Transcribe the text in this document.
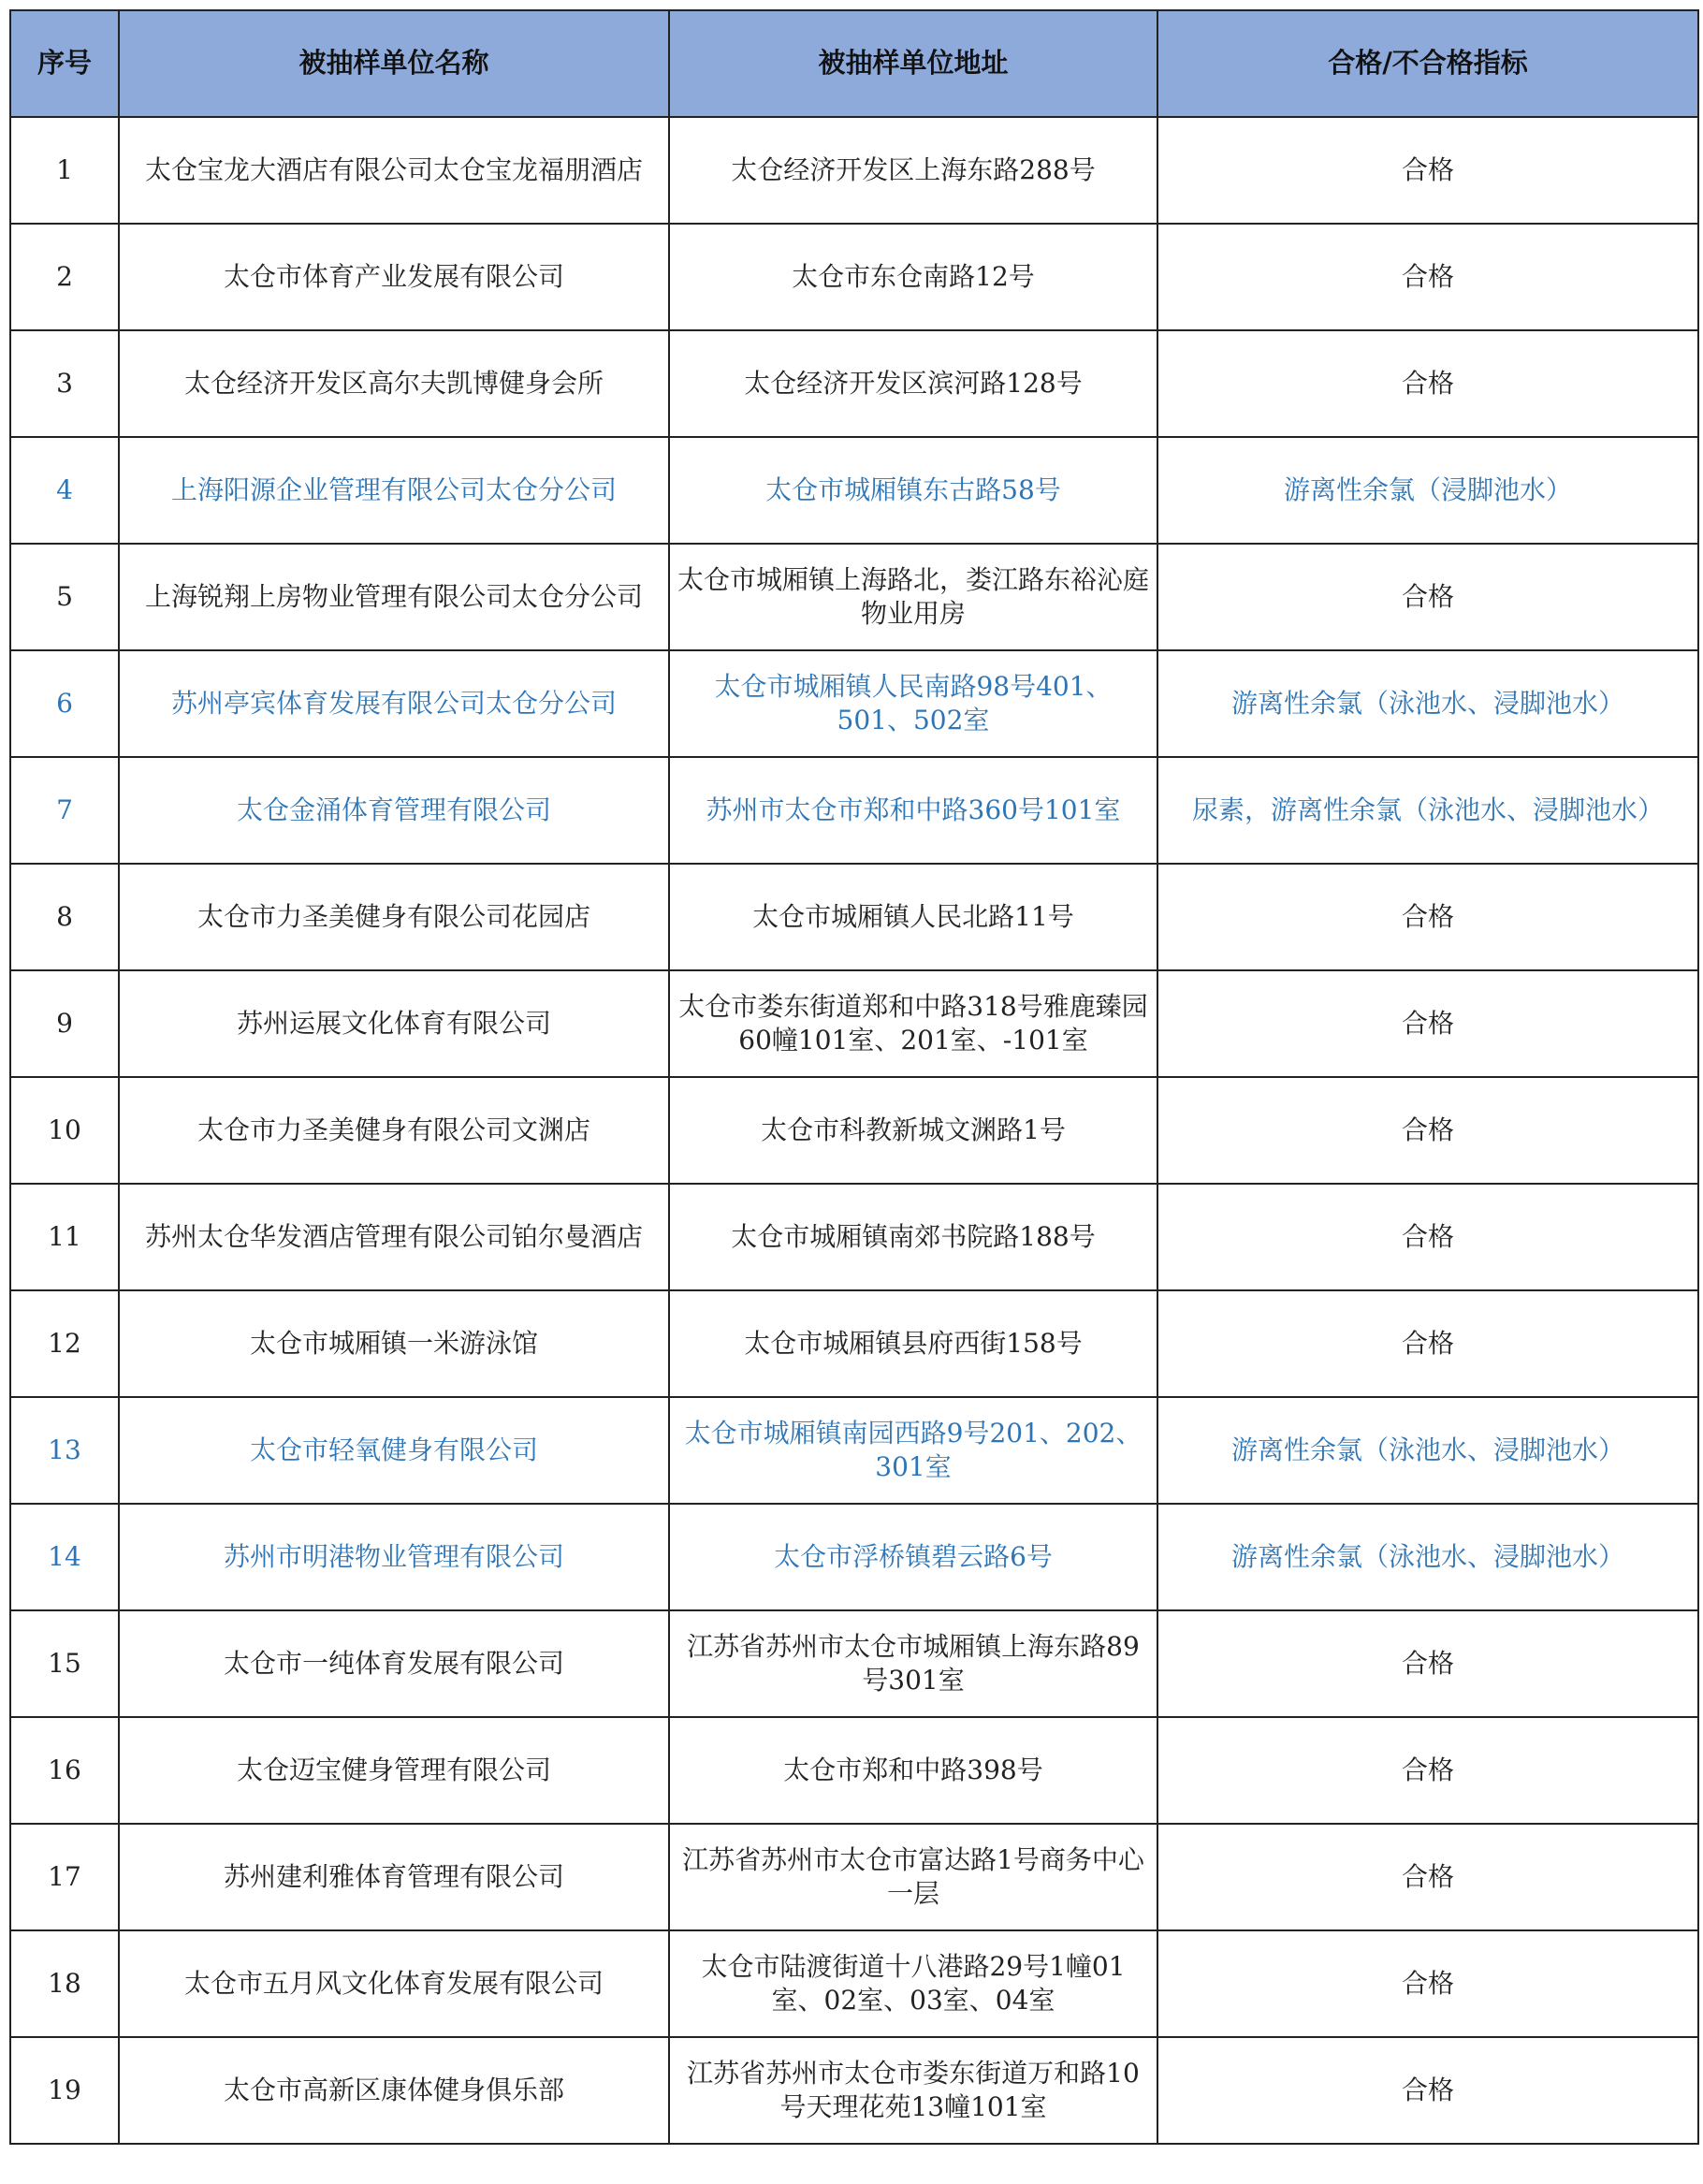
序号	被抽样单位名称	被抽样单位地址	合格/不合格指标
1	太仓宝龙大酒店有限公司太仓宝龙福朋酒店	太仓经济开发区上海东路288号	合格
2	太仓市体育产业发展有限公司	太仓市东仓南路12号	合格
3	太仓经济开发区高尔夫凯博健身会所	太仓经济开发区滨河路128号	合格
4	上海阳源企业管理有限公司太仓分公司	太仓市城厢镇东古路58号	游离性余氯（浸脚池水）
5	上海锐翔上房物业管理有限公司太仓分公司	太仓市城厢镇上海路北，娄江路东裕沁庭物业用房	合格
6	苏州亭宾体育发展有限公司太仓分公司	太仓市城厢镇人民南路98号401、501、502室	游离性余氯（泳池水、浸脚池水）
7	太仓金涌体育管理有限公司	苏州市太仓市郑和中路360号101室	尿素，游离性余氯（泳池水、浸脚池水）
8	太仓市力圣美健身有限公司花园店	太仓市城厢镇人民北路11号	合格
9	苏州运展文化体育有限公司	太仓市娄东街道郑和中路318号雅鹿臻园60幢101室、201室、-101室	合格
10	太仓市力圣美健身有限公司文渊店	太仓市科教新城文渊路1号	合格
11	苏州太仓华发酒店管理有限公司铂尔曼酒店	太仓市城厢镇南郊书院路188号	合格
12	太仓市城厢镇一米游泳馆	太仓市城厢镇县府西街158号	合格
13	太仓市轻氧健身有限公司	太仓市城厢镇南园西路9号201、202、301室	游离性余氯（泳池水、浸脚池水）
14	苏州市明港物业管理有限公司	太仓市浮桥镇碧云路6号	游离性余氯（泳池水、浸脚池水）
15	太仓市一纯体育发展有限公司	江苏省苏州市太仓市城厢镇上海东路89号301室	合格
16	太仓迈宝健身管理有限公司	太仓市郑和中路398号	合格
17	苏州建利雅体育管理有限公司	江苏省苏州市太仓市富达路1号商务中心一层	合格
18	太仓市五月风文化体育发展有限公司	太仓市陆渡街道十八港路29号1幢01室、02室、03室、04室	合格
19	太仓市高新区康体健身俱乐部	江苏省苏州市太仓市娄东街道万和路10号天理花苑13幢101室	合格
